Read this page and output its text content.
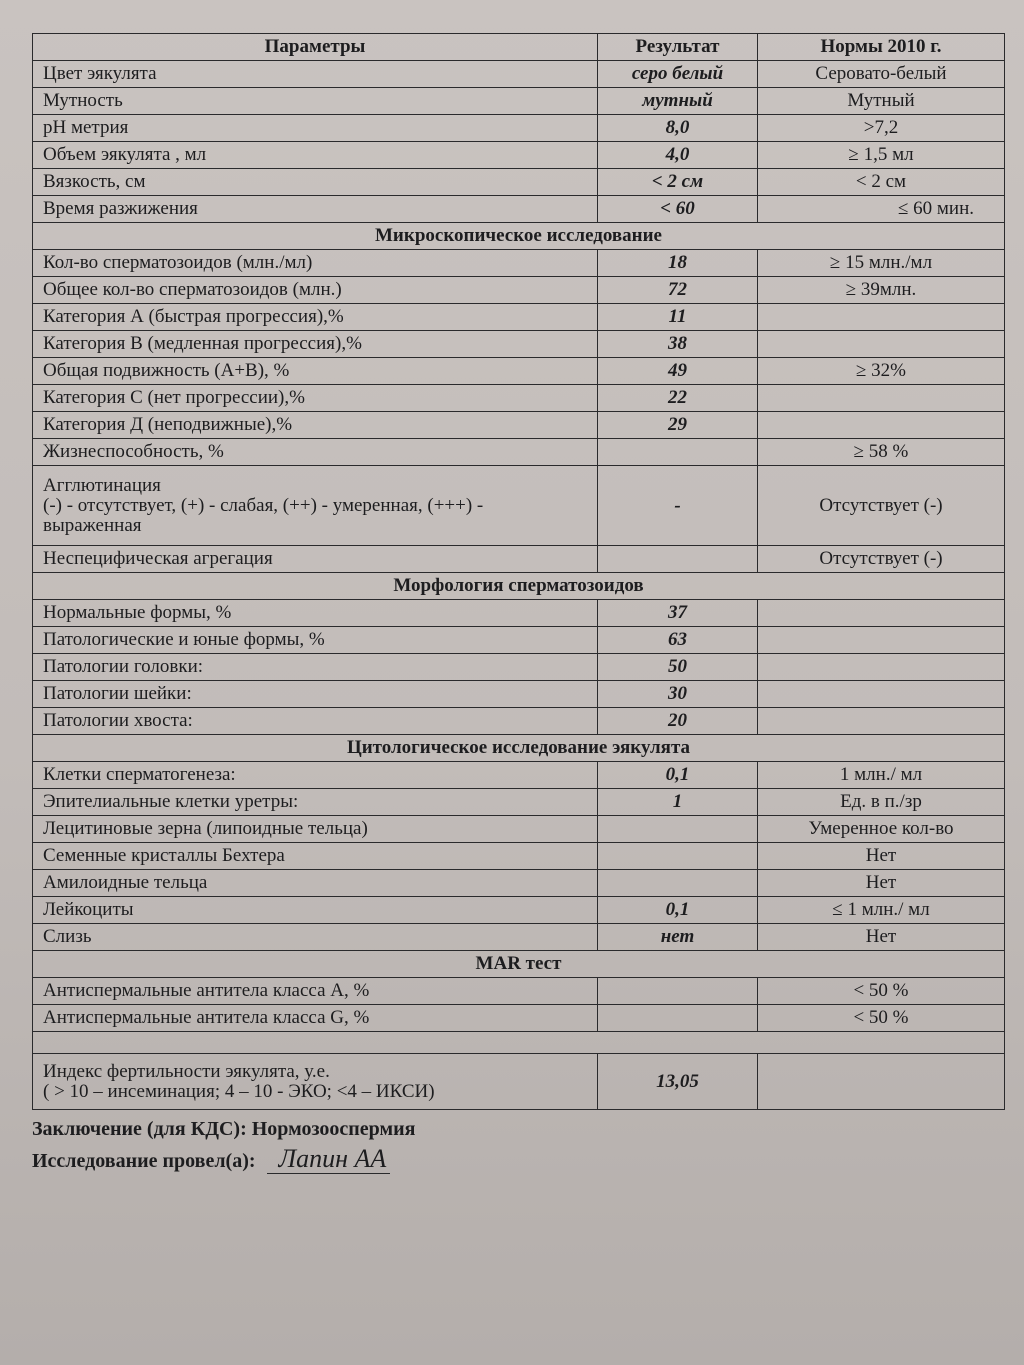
Параметры	Результат	Нормы 2010 г.
Цвет эякулята	серо белый	Серовато-белый
Мутность	мутный	Мутный
pH метрия	8,0	>7,2
Объем эякулята , мл	4,0	≥ 1,5 мл
Вязкость, см	< 2 см	< 2 см
Время разжижения	< 60	≤ 60 мин.
Микроскопическое исследование		
Кол-во сперматозоидов (млн./мл)	18	≥ 15 млн./мл
Общее кол-во сперматозоидов (млн.)	72	≥ 39млн.
Категория А (быстрая прогрессия),%	11	
Категория В (медленная прогрессия),%	38	
Общая подвижность (А+В), %	49	≥ 32%
Категория С (нет прогрессии),%	22	
Категория Д (неподвижные),%	29	
Жизнеспособность, %		≥ 58 %

Агглютинация
(-) - отсутствует, (+) - слабая, (++) - умеренная, (+++) -
выраженная	-	Отсутствует (-)
Неспецифическая агрегация		Отсутствует (-)
Морфология сперматозоидов		
Нормальные формы, %	37	
Патологические и юные формы, %	63	
Патологии головки:	50	
Патологии шейки:	30	
Патологии хвоста:	20	
Цитологическое исследование эякулята		
Клетки сперматогенеза:	0,1	1 млн./ мл
Эпителиальные клетки уретры:	1	Ед. в п./зр
Лецитиновые зерна (липоидные тельца)		Умеренное кол-во
Семенные кристаллы Бехтера		Нет
Амилоидные тельца		Нет
Лейкоциты	0,1	≤ 1 млн./ мл
Слизь	нет	Нет
MAR тест		
Антиспермальные антитела класса А, %		< 50 %
Антиспермальные антитела класса G, %		< 50 %

Индекс фертильности эякулята, у.е.
( > 10 – инсеминация; 4 – 10 - ЭКО; <4 – ИКСИ)	13,05	
Заключение (для КДС): Нормозооспермия
Исследование провел(а): Лапин АА
